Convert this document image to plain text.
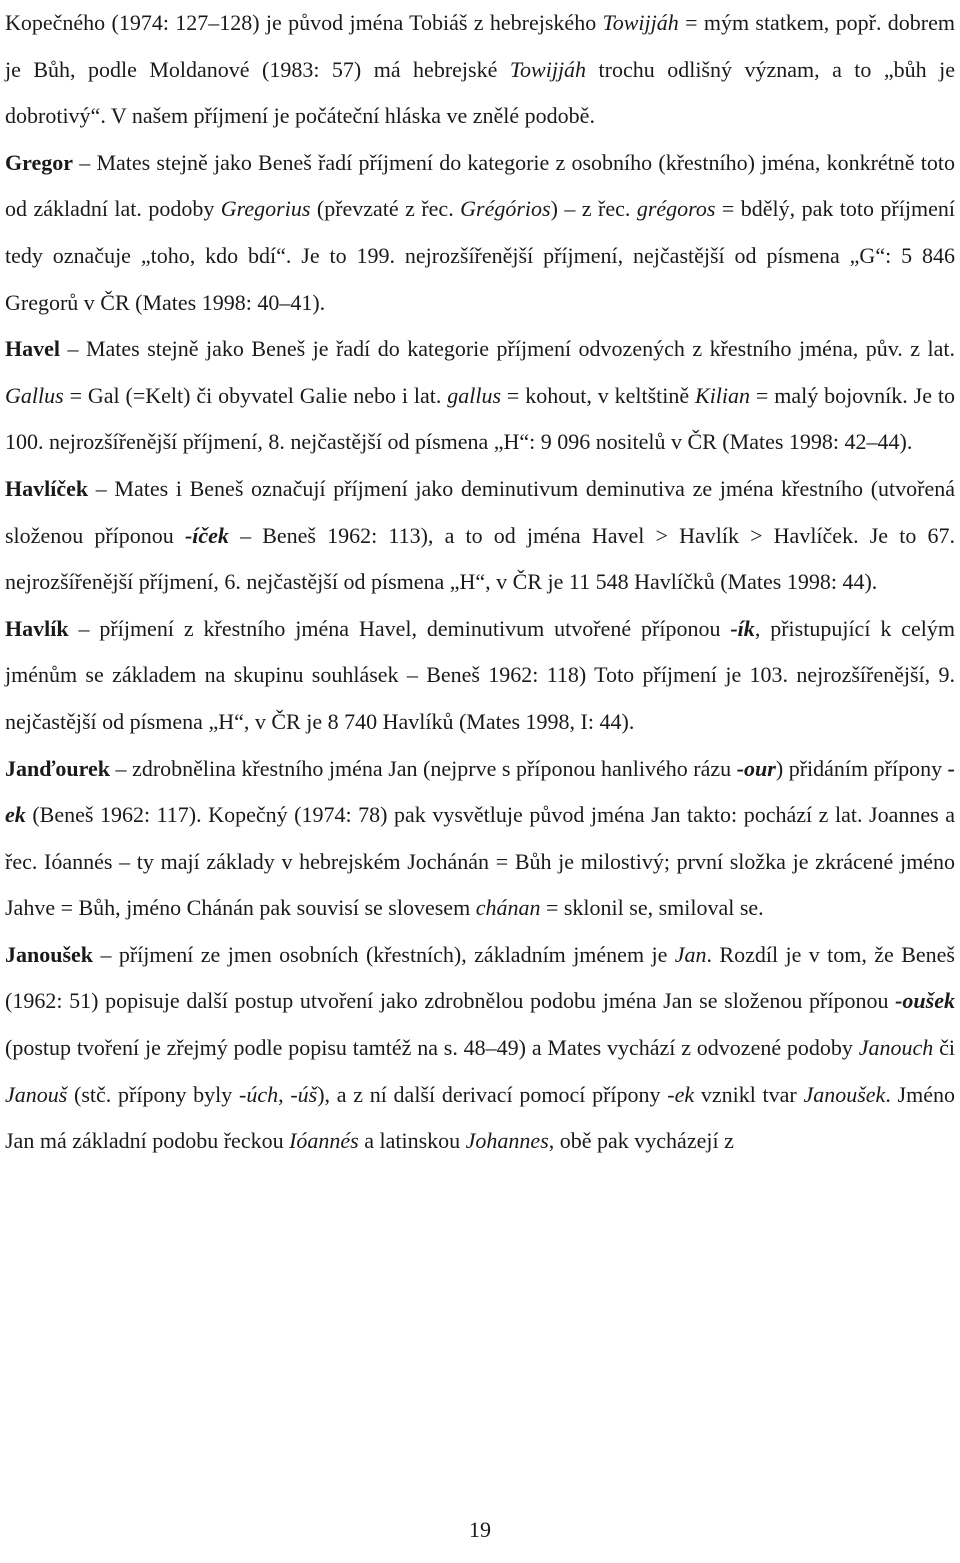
Kopečného (1974: 127–128) je původ jména Tobiáš z hebrejského Towijjáh = mým statkem, popř. dobrem je Bůh, podle Moldanové (1983: 57) má hebrejské Towijjáh trochu odlišný význam, a to „bůh je dobrotivý“. V našem příjmení je počáteční hláska ve znělé podobě.

Gregor – Mates stejně jako Beneš řadí příjmení do kategorie z osobního (křestního) jména, konkrétně toto od základní lat. podoby Gregorius (převzaté z řec. Grégórios) – z řec. grégoros = bdělý, pak toto příjmení tedy označuje „toho, kdo bdí“. Je to 199. nejrozšířenější příjmení, nejčastější od písmena „G“: 5 846 Gregorů v ČR (Mates 1998: 40–41).

Havel – Mates stejně jako Beneš je řadí do kategorie příjmení odvozených z křestního jména, pův. z lat. Gallus = Gal (=Kelt) či obyvatel Galie nebo i lat. gallus = kohout, v keltštině Kilian = malý bojovník. Je to 100. nejrozšířenější příjmení, 8. nejčastější od písmena „H“: 9 096 nositelů v ČR (Mates 1998: 42–44).

Havlíček – Mates i Beneš označují příjmení jako deminutivum deminutiva ze jména křestního (utvořená složenou příponou -íček – Beneš 1962: 113), a to od jména Havel > Havlík > Havlíček. Je to 67. nejrozšířenější příjmení, 6. nejčastější od písmena „H“, v ČR je 11 548 Havlíčků (Mates 1998: 44).

Havlík – příjmení z křestního jména Havel, deminutivum utvořené příponou -ík, přistupující k celým jménům se základem na skupinu souhlásek – Beneš 1962: 118) Toto příjmení je 103. nejrozšířenější, 9. nejčastější od písmena „H“, v ČR je 8 740 Havlíků (Mates 1998, I: 44).

Janďourek – zdrobnělina křestního jména Jan (nejprve s příponou hanlivého rázu -our) přidáním přípony -ek (Beneš 1962: 117). Kopečný (1974: 78) pak vysvětluje původ jména Jan takto: pochází z lat. Joannes a řec. Ióannés – ty mají základy v hebrejském Jochánán = Bůh je milostivý; první složka je zkrácené jméno Jahve = Bůh, jméno Chánán pak souvisí se slovesem chánan = sklonil se, smiloval se.

Janoušek – příjmení ze jmen osobních (křestních), základním jménem je Jan. Rozdíl je v tom, že Beneš (1962: 51) popisuje další postup utvoření jako zdrobnělou podobu jména Jan se složenou příponou -oušek (postup tvoření je zřejmý podle popisu tamtéž na s. 48–49) a Mates vychází z odvozené podoby Janouch či Janouš (stč. přípony byly -úch, -úš), a z ní další derivací pomocí přípony -ek vznikl tvar Janoušek. Jméno Jan má základní podobu řeckou Ióannés a latinskou Johannes, obě pak vycházejí z

19
